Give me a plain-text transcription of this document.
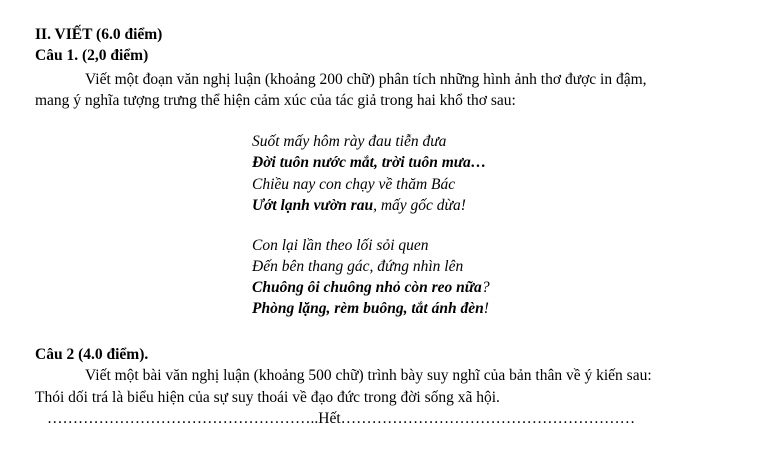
II. VIẾT (6.0 điểm)
Câu 1. (2,0 điểm)
Viết một đoạn văn nghị luận (khoảng 200 chữ) phân tích những hình ảnh thơ được in đậm,
mang ý nghĩa tượng trưng thể hiện cảm xúc của tác giả trong hai khổ thơ sau:
Suốt mấy hôm rày đau tiễn đưa
Đời tuôn nước mắt, trời tuôn mưa…
Chiều nay con chạy về thăm Bác
Ướt lạnh vườn rau, mấy gốc dừa!
Con lại lần theo lối sỏi quen
Đến bên thang gác, đứng nhìn lên
Chuông ôi chuông nhỏ còn reo nữa?
Phòng lặng, rèm buông, tắt ánh đèn!
Câu 2 (4.0 điểm).
Viết một bài văn nghị luận (khoảng 500 chữ) trình bày suy nghĩ của bản thân về ý kiến sau:
Thói dối trá là biểu hiện của sự suy thoái về đạo đức trong đời sống xã hội.
……………………………………………..Hết…………………………………………………
